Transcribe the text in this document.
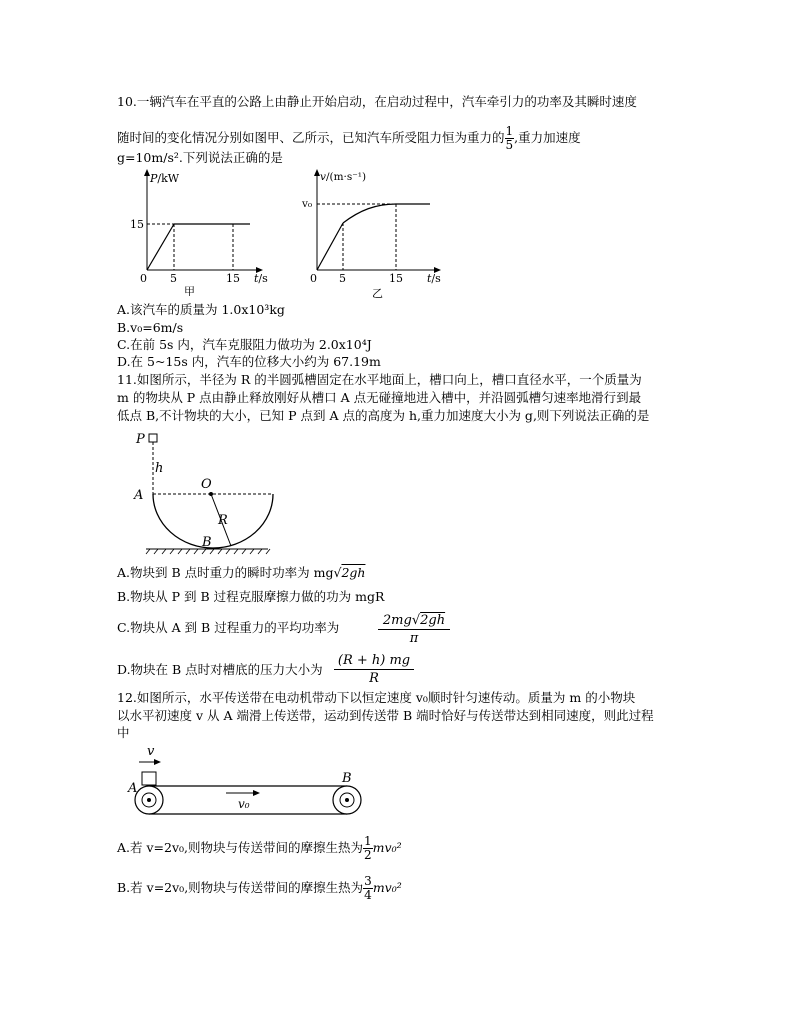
10.一辆汽车在平直的公路上由静止开始启动，在启动过程中，汽车牵引力的功率及其瞬时速度
随时间的变化情况分别如图甲、乙所示，已知汽车所受阻力恒为重力的 $\frac{1}{5}$ ,重力加速度
g=10m/s².下列说法正确的是
P/kW
15
0 5	15 t/s
甲
v/(m·s⁻¹)
v₀
0 5	15 t/s
乙
A.该汽车的质量为 1.0x10³kg
B.v₀=6m/s
C.在前 5s 内，汽车克服阻力做功为 2.0x10⁴J
D.在 5~15s 内，汽车的位移大小约为 67.19m
11.如图所示，半径为 R 的半圆弧槽固定在水平地面上，槽口向上，槽口直径水平，一个质量为
m 的物块从 P 点由静止释放刚好从槽口 A 点无碰撞地进入槽中，并沿圆弧槽匀速率地滑行到最
低点 B,不计物块的大小，已知 P 点到 A 点的高度为 h,重力加速度大小为 g,则下列说法正确的是
P
h
A
O
R
B
A.物块到 B 点时重力的瞬时功率为 mg√2gh
B.物块从 P 到 B 过程克服摩擦力做的功为 mgR
C.物块从 A 到 B 过程重力的平均功率为	$\frac{2mg√2gh}{\pi}$
D.物块在 B 点时对槽底的压力大小为 $\frac{(R + h) mg}{R}$
12.如图所示，水平传送带在电动机带动下以恒定速度 v₀顺时针匀速传动。质量为 m 的小物块
以水平初速度 v 从 A 端滑上传送带，运动到传送带 B 端时恰好与传送带达到相同速度，则此过程
中
v
A
B
v₀
A.若 v=2v₀,则物块与传送带间的摩擦生热为 $\frac{1}{2} mv_0^2$
B.若 v=2v₀,则物块与传送带间的摩擦生热为 $\frac{3}{4} mv_0^2$
